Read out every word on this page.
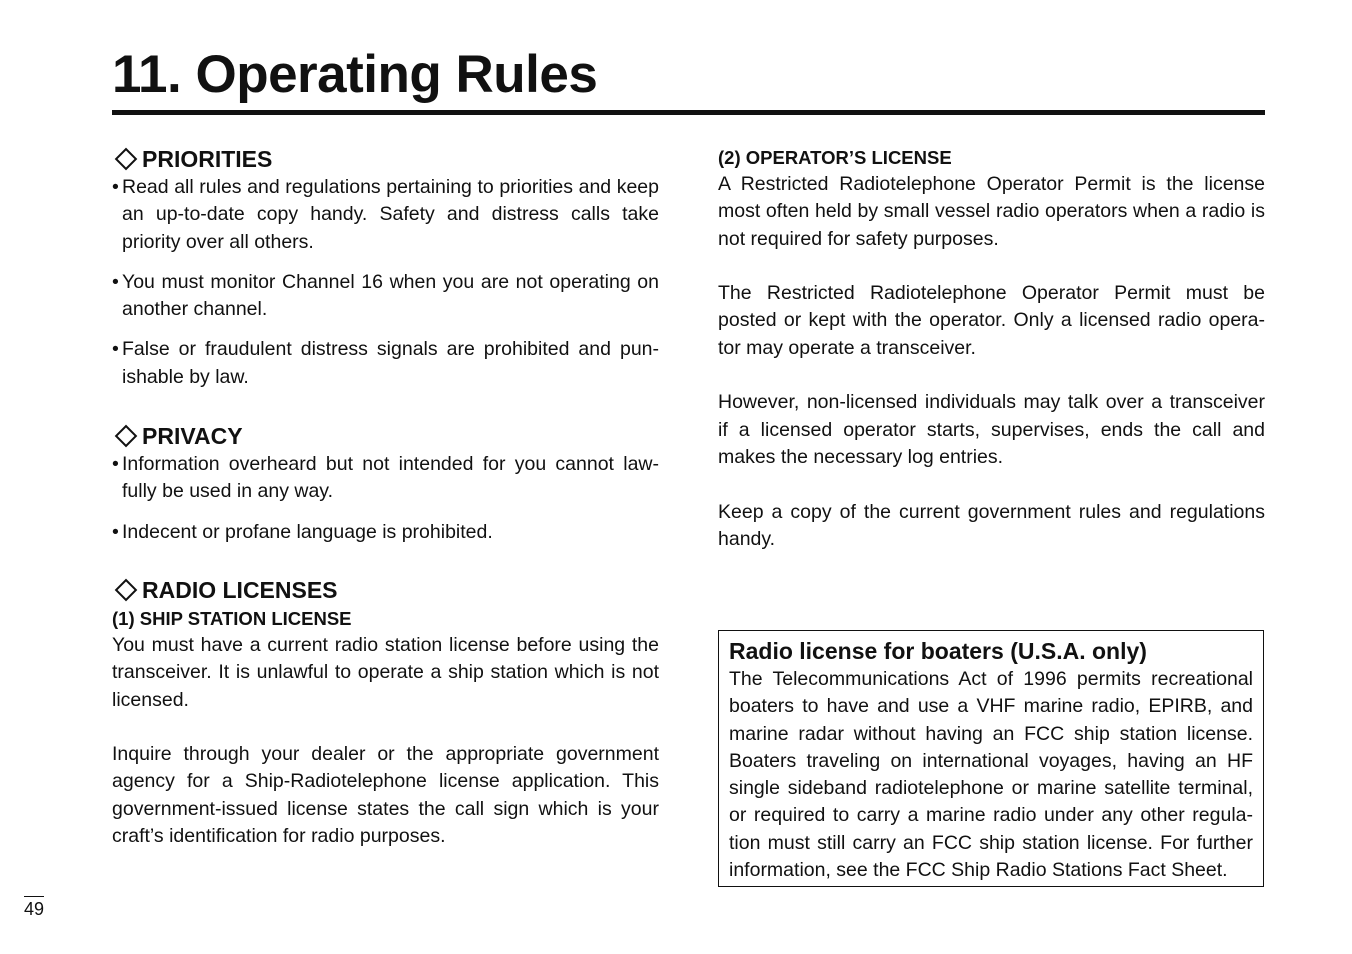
11. Operating Rules
PRIORITIES
• Read all rules and regulations pertaining to priorities and keep an up-to-date copy handy. Safety and distress calls take priority over all others.
• You must monitor Channel 16 when you are not operating on another channel.
• False or fraudulent distress signals are prohibited and pun-ishable by law.
PRIVACY
• Information overheard but not intended for you cannot law-fully be used in any way.
• Indecent or profane language is prohibited.
RADIO LICENSES
(1) SHIP STATION LICENSE

You must have a current radio station license before using the transceiver. It is unlawful to operate a ship station which is not licensed.

Inquire through your dealer or the appropriate government agency for a Ship-Radiotelephone license application. This government-issued license states the call sign which is your craft’s identification for radio purposes.

(2) OPERATOR’S LICENSE

A Restricted Radiotelephone Operator Permit is the license most often held by small vessel radio operators when a radio is not required for safety purposes.

The Restricted Radiotelephone Operator Permit must be posted or kept with the operator. Only a licensed radio opera-tor may operate a transceiver.

However, non-licensed individuals may talk over a transceiver if a licensed operator starts, supervises, ends the call and makes the necessary log entries.

Keep a copy of the current government rules and regulations handy.

Radio license for boaters (U.S.A. only)

The Telecommunications Act of 1996 permits recreational boaters to have and use a VHF marine radio, EPIRB, and marine radar without having an FCC ship station license. Boaters traveling on international voyages, having an HF single sideband radiotelephone or marine satellite terminal, or required to carry a marine radio under any other regula-tion must still carry an FCC ship station license. For further information, see the FCC Ship Radio Stations Fact Sheet.

49
